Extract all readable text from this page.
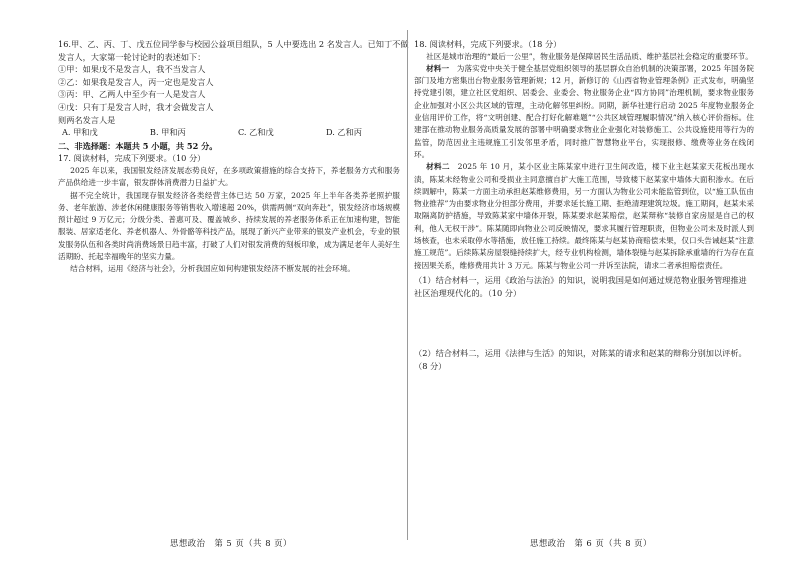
16.甲、乙、丙、丁、戊五位同学参与校园公益项目组队，5 人中要选出 2 名发言人。已知丁不做
发言人，大家第一轮讨论时的表述如下：
①甲：如果戊不是发言人，我不当发言人
②乙：如果我是发言人，丙一定也是发言人
③丙：甲、乙两人中至少有一人是发言人
④戊：只有丁是发言人时，我才会做发言人
则两名发言人是
A. 甲和戊	B. 甲和丙	C. 乙和戊	D. 乙和丙
二、非选择题：本题共 5 小题，共 52 分。
17. 阅读材料，完成下列要求。（10 分）
2025 年以来，我国银发经济发展态势良好，在多项政策措施的综合支持下，养老服务方式和服务产品供给进一步丰富，银发群体消费潜力日益扩大。
据不完全统计，我国现存银发经济各类经营主体已达 50 万家，2025 年上半年各类养老照护服务、老年旅游、涉老休闲健康服务等销售收入增速超 20%，供需两侧“双向奔赴”，银发经济市场规模预计超过 9 万亿元；分级分类、普惠可及、覆盖城乡、持续发展的养老服务体系正在加速构建，智能服装、居家适老化、养老机器人、外骨骼等科技产品，展现了新兴产业带来的银发产业机会，专业的银发服务队伍和各类时尚消费场景日趋丰富，打破了人们对银发消费的刻板印象，成为满足老年人美好生活期盼、托起幸福晚年的坚实力量。
结合材料，运用《经济与社会》，分析我国应如何构建银发经济不断发展的社会环境。
18. 阅读材料，完成下列要求。（18 分）
社区是城市治理的“最后一公里”，物业服务是保障居民生活品质、维护基层社会稳定的重要环节。
材料一　 为落实党中央关于健全基层党组织领导的基层群众自治机制的决策部署，2025 年国务院部门及地方密集出台物业服务管理新规；12 月，新修订的《山西省物业管理条例》正式发布，明确坚持党建引领，建立社区党组织、居委会、业委会、物业服务企业“四方协同”治理机制，要求物业服务企业加强对小区公共区域的管理，主动化解邻里纠纷。同期，新华社建行启动 2025 年度物业服务企业信用评价工作，将“文明创建、配合打好化解难题”“公共区域管理履职情况”纳入核心评价指标。住建部在推动物业服务高质量发展的部署中明确要求物业企业强化对装修施工、公共设施使用等行为的监管，防范因业主违规施工引发邻里矛盾，同时推广智慧物业平台，实现报修、缴费等业务在线闭环。
材料二　 2025 年 10 月，某小区业主陈某家中进行卫生间改造，楼下业主赵某家天花板出现水渍，陈某未经物业公司和受损业主同意擅自扩大施工范围，导致楼下赵某家中墙体大面积渗水。在后续调解中，陈某一方面主动承担赵某维修费用，另一方面认为物业公司未能监管到位，以“施工队伍由物业推荐”为由要求物业分担部分费用，并要求延长施工期、拒绝清理建筑垃圾。施工期间，赵某未采取隔离防护措施，导致陈某家中墙体开裂，陈某要求赵某赔偿，赵某辩称“装修自家房屋是自己的权利，他人无权干涉”。陈某随即向物业公司反映情况，要求其履行管理职责，但物业公司未及时派人到场核查，也未采取停水等措施，放任施工持续。最终陈某与赵某协商赔偿未果，仅口头告诫赵某“注意施工规范”。后续陈某房屋裂缝持续扩大，经专业机构检测，墙体裂缝与赵某拆除承重墙的行为存在直接因果关系，维修费用共计 3 万元。陈某与物业公司一并诉至法院，请求二者承担赔偿责任。
（1）结合材料一，运用《政治与法治》的知识，说明我国是如何通过规范物业服务管理推进社区治理现代化的。（10 分）
（2）结合材料二，运用《法律与生活》的知识，对陈某的请求和赵某的辩称分别加以评析。（8 分）
思想政治　第 5 页（共 8 页）	思想政治　第 6 页（共 8 页）
